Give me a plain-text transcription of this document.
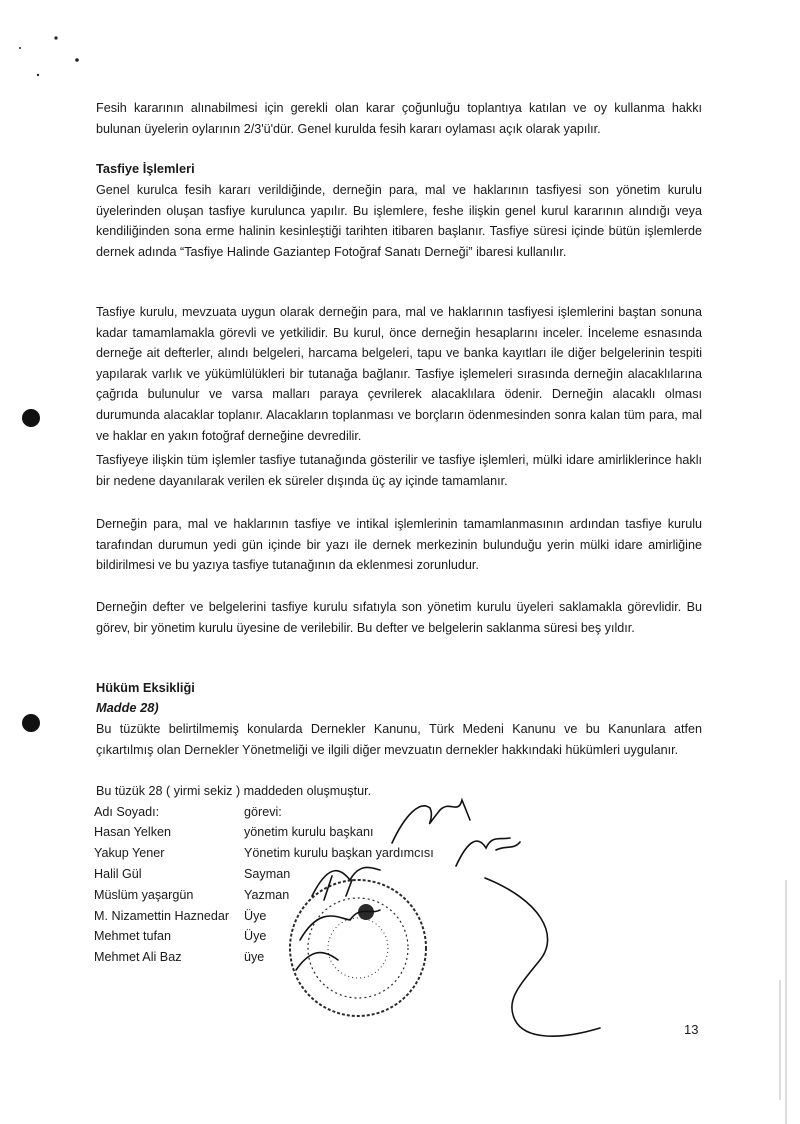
Fesih kararının alınabilmesi için gerekli olan karar çoğunluğu toplantıya katılan ve oy kullanma hakkı bulunan üyelerin oylarının 2/3'ü'dür. Genel kurulda fesih kararı oylaması açık olarak yapılır.

Tasfiye İşlemleri

Genel kurulca fesih kararı verildiğinde, derneğin para, mal ve haklarının tasfiyesi son yönetim kurulu üyelerinden oluşan tasfiye kurulunca yapılır. Bu işlemlere, feshe ilişkin genel kurul kararının alındığı veya kendiliğinden sona erme halinin kesinleştiği tarihten itibaren başlanır. Tasfiye süresi içinde bütün işlemlerde dernek adında “Tasfiye Halinde Gaziantep Fotoğraf Sanatı Derneği” ibaresi kullanılır.

Tasfiye kurulu, mevzuata uygun olarak derneğin para, mal ve haklarının tasfiyesi işlemlerini baştan sonuna kadar tamamlamakla görevli ve yetkilidir. Bu kurul, önce derneğin hesaplarını inceler. İnceleme esnasında derneğe ait defterler, alındı belgeleri, harcama belgeleri, tapu ve banka kayıtları ile diğer belgelerinin tespiti yapılarak varlık ve yükümlülükleri bir tutanağa bağlanır. Tasfiye işlemeleri sırasında derneğin alacaklılarına çağrıda bulunulur ve varsa malları paraya çevrilerek alacaklılara ödenir. Derneğin alacaklı olması durumunda alacaklar toplanır. Alacakların toplanması ve borçların ödenmesinden sonra kalan tüm para, mal ve haklar en yakın fotoğraf derneğine devredilir.

Tasfiyeye ilişkin tüm işlemler tasfiye tutanağında gösterilir ve tasfiye işlemleri, mülki idare amirliklerince haklı bir nedene dayanılarak verilen ek süreler dışında üç ay içinde tamamlanır.

Derneğin para, mal ve haklarının tasfiye ve intikal işlemlerinin tamamlanmasının ardından tasfiye kurulu tarafından durumun yedi gün içinde bir yazı ile dernek merkezinin bulunduğu yerin mülki idare amirliğine bildirilmesi ve bu yazıya tasfiye tutanağının da eklenmesi zorunludur.

Derneğin defter ve belgelerini tasfiye kurulu sıfatıyla son yönetim kurulu üyeleri saklamakla görevlidir. Bu görev, bir yönetim kurulu üyesine de verilebilir. Bu defter ve belgelerin saklanma süresi beş yıldır.

Hüküm Eksikliği

Madde 28)

Bu tüzükte belirtilmemiş konularda Dernekler Kanunu, Türk Medeni Kanunu ve bu Kanunlara atfen çıkartılmış olan Dernekler Yönetmeliği ve ilgili diğer mevzuatın dernekler hakkındaki hükümleri uygulanır.

Bu tüzük 28 ( yirmi sekiz ) maddeden oluşmuştur.

Adı Soyadı:	görevi:
Hasan Yelken	yönetim kurulu başkanı
Yakup Yener	Yönetim kurulu başkan yardımcısı
Halil Gül	Sayman
Müslüm yaşargün	Yazman
M. Nizamettin Haznedar Üye
Mehmet tufan	Üye
Mehmet Ali Baz	üye
13
